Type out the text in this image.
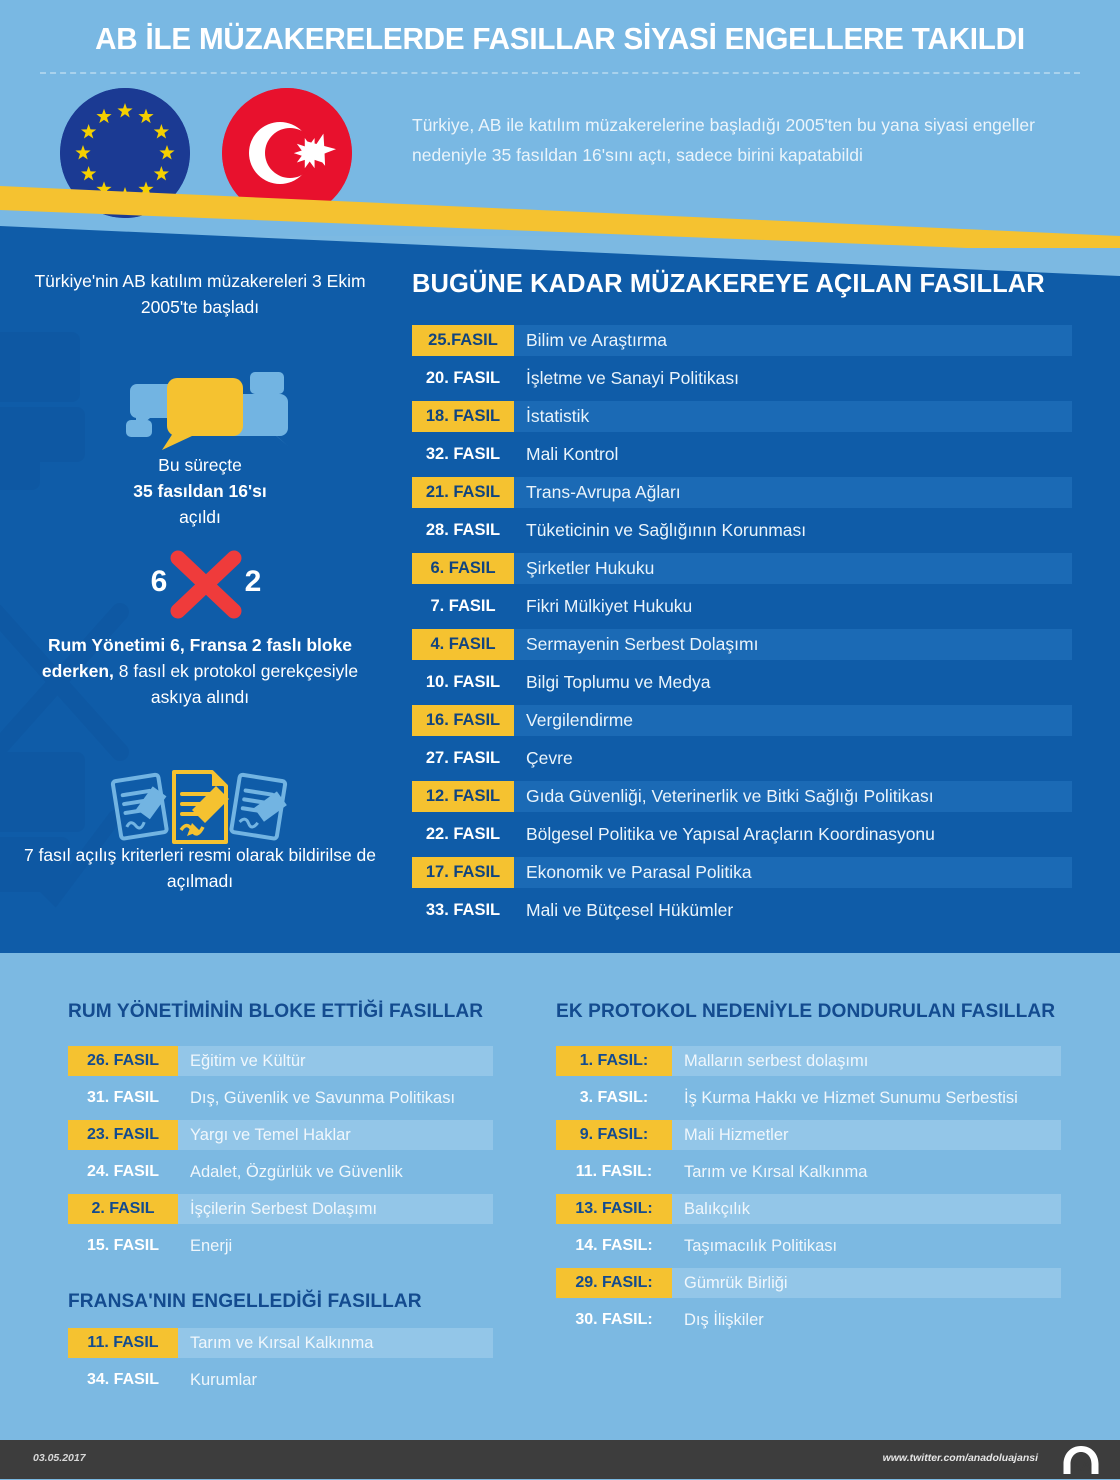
AB İLE MÜZAKERELERDE FASILLAR SİYASİ ENGELLERE TAKILDI
Türkiye, AB ile katılım müzakerelerine başladığı 2005'ten bu yana siyasi engeller nedeniyle 35 fasıldan 16'sını açtı, sadece birini kapatabildi
Türkiye'nin AB katılım müzakereleri 3 Ekim 2005'te başladı
Bu süreçte
35 fasıldan 16'sı
açıldı
6	2
Rum Yönetimi 6, Fransa 2 faslı bloke ederken, 8 fasıl ek protokol gerekçesiyle askıya alındı
7 fasıl açılış kriterleri resmi olarak bildirilse de açılmadı
BUGÜNE KADAR MÜZAKEREYE AÇILAN FASILLAR
25.FASIL	Bilim ve Araştırma
20. FASIL	İşletme ve Sanayi Politikası
18. FASIL	İstatistik
32. FASIL	Mali Kontrol
21. FASIL	Trans-Avrupa Ağları
28. FASIL	Tüketicinin ve Sağlığının Korunması
6. FASIL	Şirketler Hukuku
7. FASIL	Fikri Mülkiyet Hukuku
4. FASIL	Sermayenin Serbest Dolaşımı
10. FASIL	Bilgi Toplumu ve Medya
16. FASIL	Vergilendirme
27. FASIL	Çevre
12. FASIL	Gıda Güvenliği, Veterinerlik ve Bitki Sağlığı Politikası
22. FASIL	Bölgesel Politika ve Yapısal Araçların Koordinasyonu
17. FASIL	Ekonomik ve Parasal Politika
33. FASIL	Mali ve Bütçesel Hükümler
RUM YÖNETİMİNİN BLOKE ETTİĞİ FASILLAR
26. FASIL	Eğitim ve Kültür
31. FASIL	Dış, Güvenlik ve Savunma Politikası
23. FASIL	Yargı ve Temel Haklar
24. FASIL	Adalet, Özgürlük ve Güvenlik
2. FASIL	İşçilerin Serbest Dolaşımı
15. FASIL	Enerji
FRANSA'NIN ENGELLEDİĞİ FASILLAR
11. FASIL	Tarım ve Kırsal Kalkınma
34. FASIL	Kurumlar
EK PROTOKOL NEDENİYLE DONDURULAN FASILLAR
1. FASIL:	Malların serbest dolaşımı
3. FASIL:	İş Kurma Hakkı ve Hizmet Sunumu Serbestisi
9. FASIL:	Mali Hizmetler
11. FASIL:	Tarım ve Kırsal Kalkınma
13. FASIL:	Balıkçılık
14. FASIL:	Taşımacılık Politikası
29. FASIL:	Gümrük Birliği
30. FASIL:	Dış İlişkiler
03.05.2017	www.twitter.com/anadoluajansi AA
